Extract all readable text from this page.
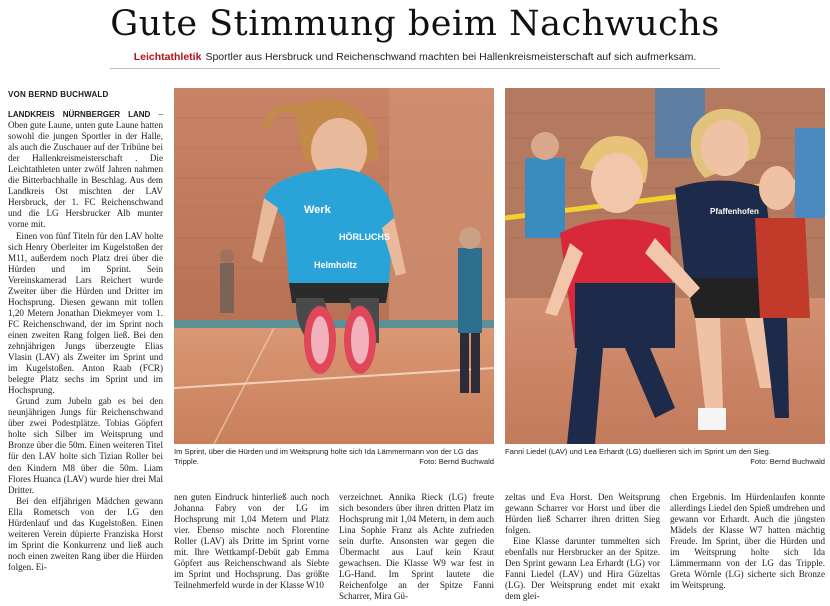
Gute Stimmung beim Nachwuchs
Leichtathletik Sportler aus Hersbruck und Reichenschwand machten bei Hallenkreismeisterschaft auf sich aufmerksam.
VON BERND BUCHWALD

LANDKREIS NÜRNBERGER LAND – Oben gute Laune, unten gute Laune hatten sowohl die jungen Sportler in der Halle, als auch die Zuschauer auf der Tribüne bei der Hallenkreismeisterschaft . Die Leichtathleten unter zwölf Jahren nahmen die Bitterbachhalle in Beschlag. Aus dem Landkreis Ost mischten der LAV Hersbruck, der 1. FC Reichenschwand und die LG Hersbrucker Alb munter vorne mit.

Einen von fünf Titeln für den LAV holte sich Henry Oberleiter im Kugelstoßen der M11, außerdem noch Platz drei über die Hürden und im Sprint. Sein Vereinskamerad Lars Reichert wurde Zweiter über die Hürden und Dritter im Hochsprung. Diesen gewann mit tollen 1,20 Metern Jonathan Diekmeyer vom 1. FC Reichenschwand, der im Sprint noch einen zweiten Rang folgen ließ. Bei den zehnjährigen Jungs überzeugte Elias Vlasin (LAV) als Zweiter im Sprint und im Kugelstoßen. Anton Raab (FCR) belegte Platz sechs im Sprint und im Hochsprung.

Grund zum Jubeln gab es bei den neunjährigen Jungs für Reichenschwand über zwei Podestplätze. Tobias Göpfert holte sich Silber im Weitsprung und Bronze über die 50m. Einen weiteren Titel für den LAV holte sich Tizian Roller bei den Kindern M8 über die 50m. Liam Flores Huanca (LAV) wurde hier drei Mal Dritter.

Bei den elfjährigen Mädchen gewann Ella Rometsch von der LG den Hürdenlauf und das Kugelstoßen. Einen weiteren Verein düpierte Franziska Horst im Sprint die Konkurrenz und ließ auch noch einen zweiten Rang über die Hürden folgen. Ei-

Werk
HÖRLUCHS
Helmholtz
Im Sprint, über die Hürden und im Weitsprung holte sich Ida Lämmermann von der LG das Tripple.	Foto: Bernd Buchwald
Pfaffenhofen
Fanni Liedel (LAV) und Lea Erhardt (LG) duellieren sich im Sprint um den Sieg.
Foto: Bernd Buchwald

nen guten Eindruck hinterließ auch noch Johanna Fabry von der LG im Hochsprung mit 1,04 Metern und Platz vier. Ebenso mischte noch Florentine Roller (LAV) als Dritte im Sprint vorne mit. Ihre Wettkampf-Debüt gab Emma Göpfert aus Reichenschwand als Siebte im Sprint und Hochsprung. Das größte Teilnehmerfeld wurde in der Klasse W10

verzeichnet. Annika Rieck (LG) freute sich besonders über ihren dritten Platz im Hochsprung mit 1,04 Metern, in dem auch Lina Sophie Franz als Achte zufrieden sein durfte. Ansonsten war gegen die Übermacht aus Lauf kein Kraut gewachsen. Die Klasse W9 war fest in LG-Hand. Im Sprint lautete die Reichenfolge an der Spitze Fanni Scharrer, Mira Gü-

zeltas und Eva Horst. Den Weitsprung gewann Scharrer vor Horst und über die Hürden ließ Scharrer ihren dritten Sieg folgen.

Eine Klasse darunter tummelten sich ebenfalls nur Hersbrucker an der Spitze. Den Sprint gewann Lea Erhardt (LG) vor Fanni Liedel (LAV) und Hira Güzeltas (LG). Der Weitsprung endet mit exakt dem glei-

chen Ergebnis. Im Hürdenlaufen konnte allerdings Liedel den Spieß umdrehen und gewann vor Erhardt. Auch die jüngsten Mädels der Klasse W7 hatten mächtig Freude. Im Sprint, über die Hürden und im Weitsprung holte sich Ida Lämmermann von der LG das Tripple. Greta Wörnle (LG) sicherte sich Bronze im Weitsprung.
